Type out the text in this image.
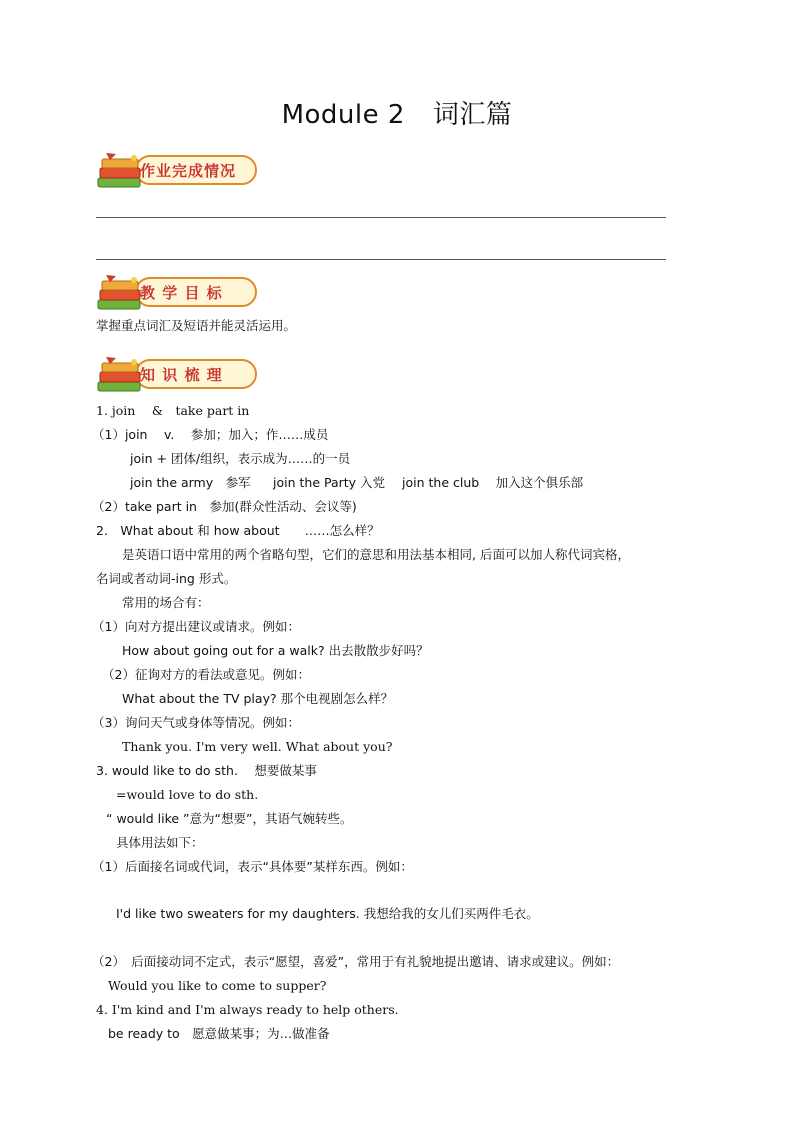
Module 2 词汇篇
作业完成情况
教 学 目 标
掌握重点词汇及短语并能灵活运用。
知 识 梳 理
1. join　 &　take part in
（1）join　 v.　 参加；加入；作……成员
join + 团体/组织，表示成为……的一员
join the army　参军 join the Party 入党 join the club　 加入这个俱乐部
（2）take part in　参加(群众性活动、会议等)
2.　What about 和 how about　　……怎么样？
是英语口语中常用的两个省略句型，它们的意思和用法基本相同, 后面可以加人称代词宾格，
名词或者动词-ing 形式。
常用的场合有：
（1）向对方提出建议或请求。例如：
How about going out for a walk? 出去散散步好吗？
（2）征询对方的看法或意见。例如：
What about the TV play? 那个电视剧怎么样？
（3）询问天气或身体等情况。例如：
Thank you. I'm very well. What about you?
3. would like to do sth.　 想要做某事
=would love to do sth.
“ would like ”意为“想要”，其语气婉转些。
具体用法如下：
（1）后面接名词或代词，表示“具体要”某样东西。例如：
I'd like two sweaters for my daughters. 我想给我的女儿们买两件毛衣。
（2）　后面接动词不定式，表示“愿望，喜爱”，常用于有礼貌地提出邀请、请求或建议。例如：
Would you like to come to supper?
4. I'm kind and I'm always ready to help others.
be ready to　愿意做某事；为…做准备
